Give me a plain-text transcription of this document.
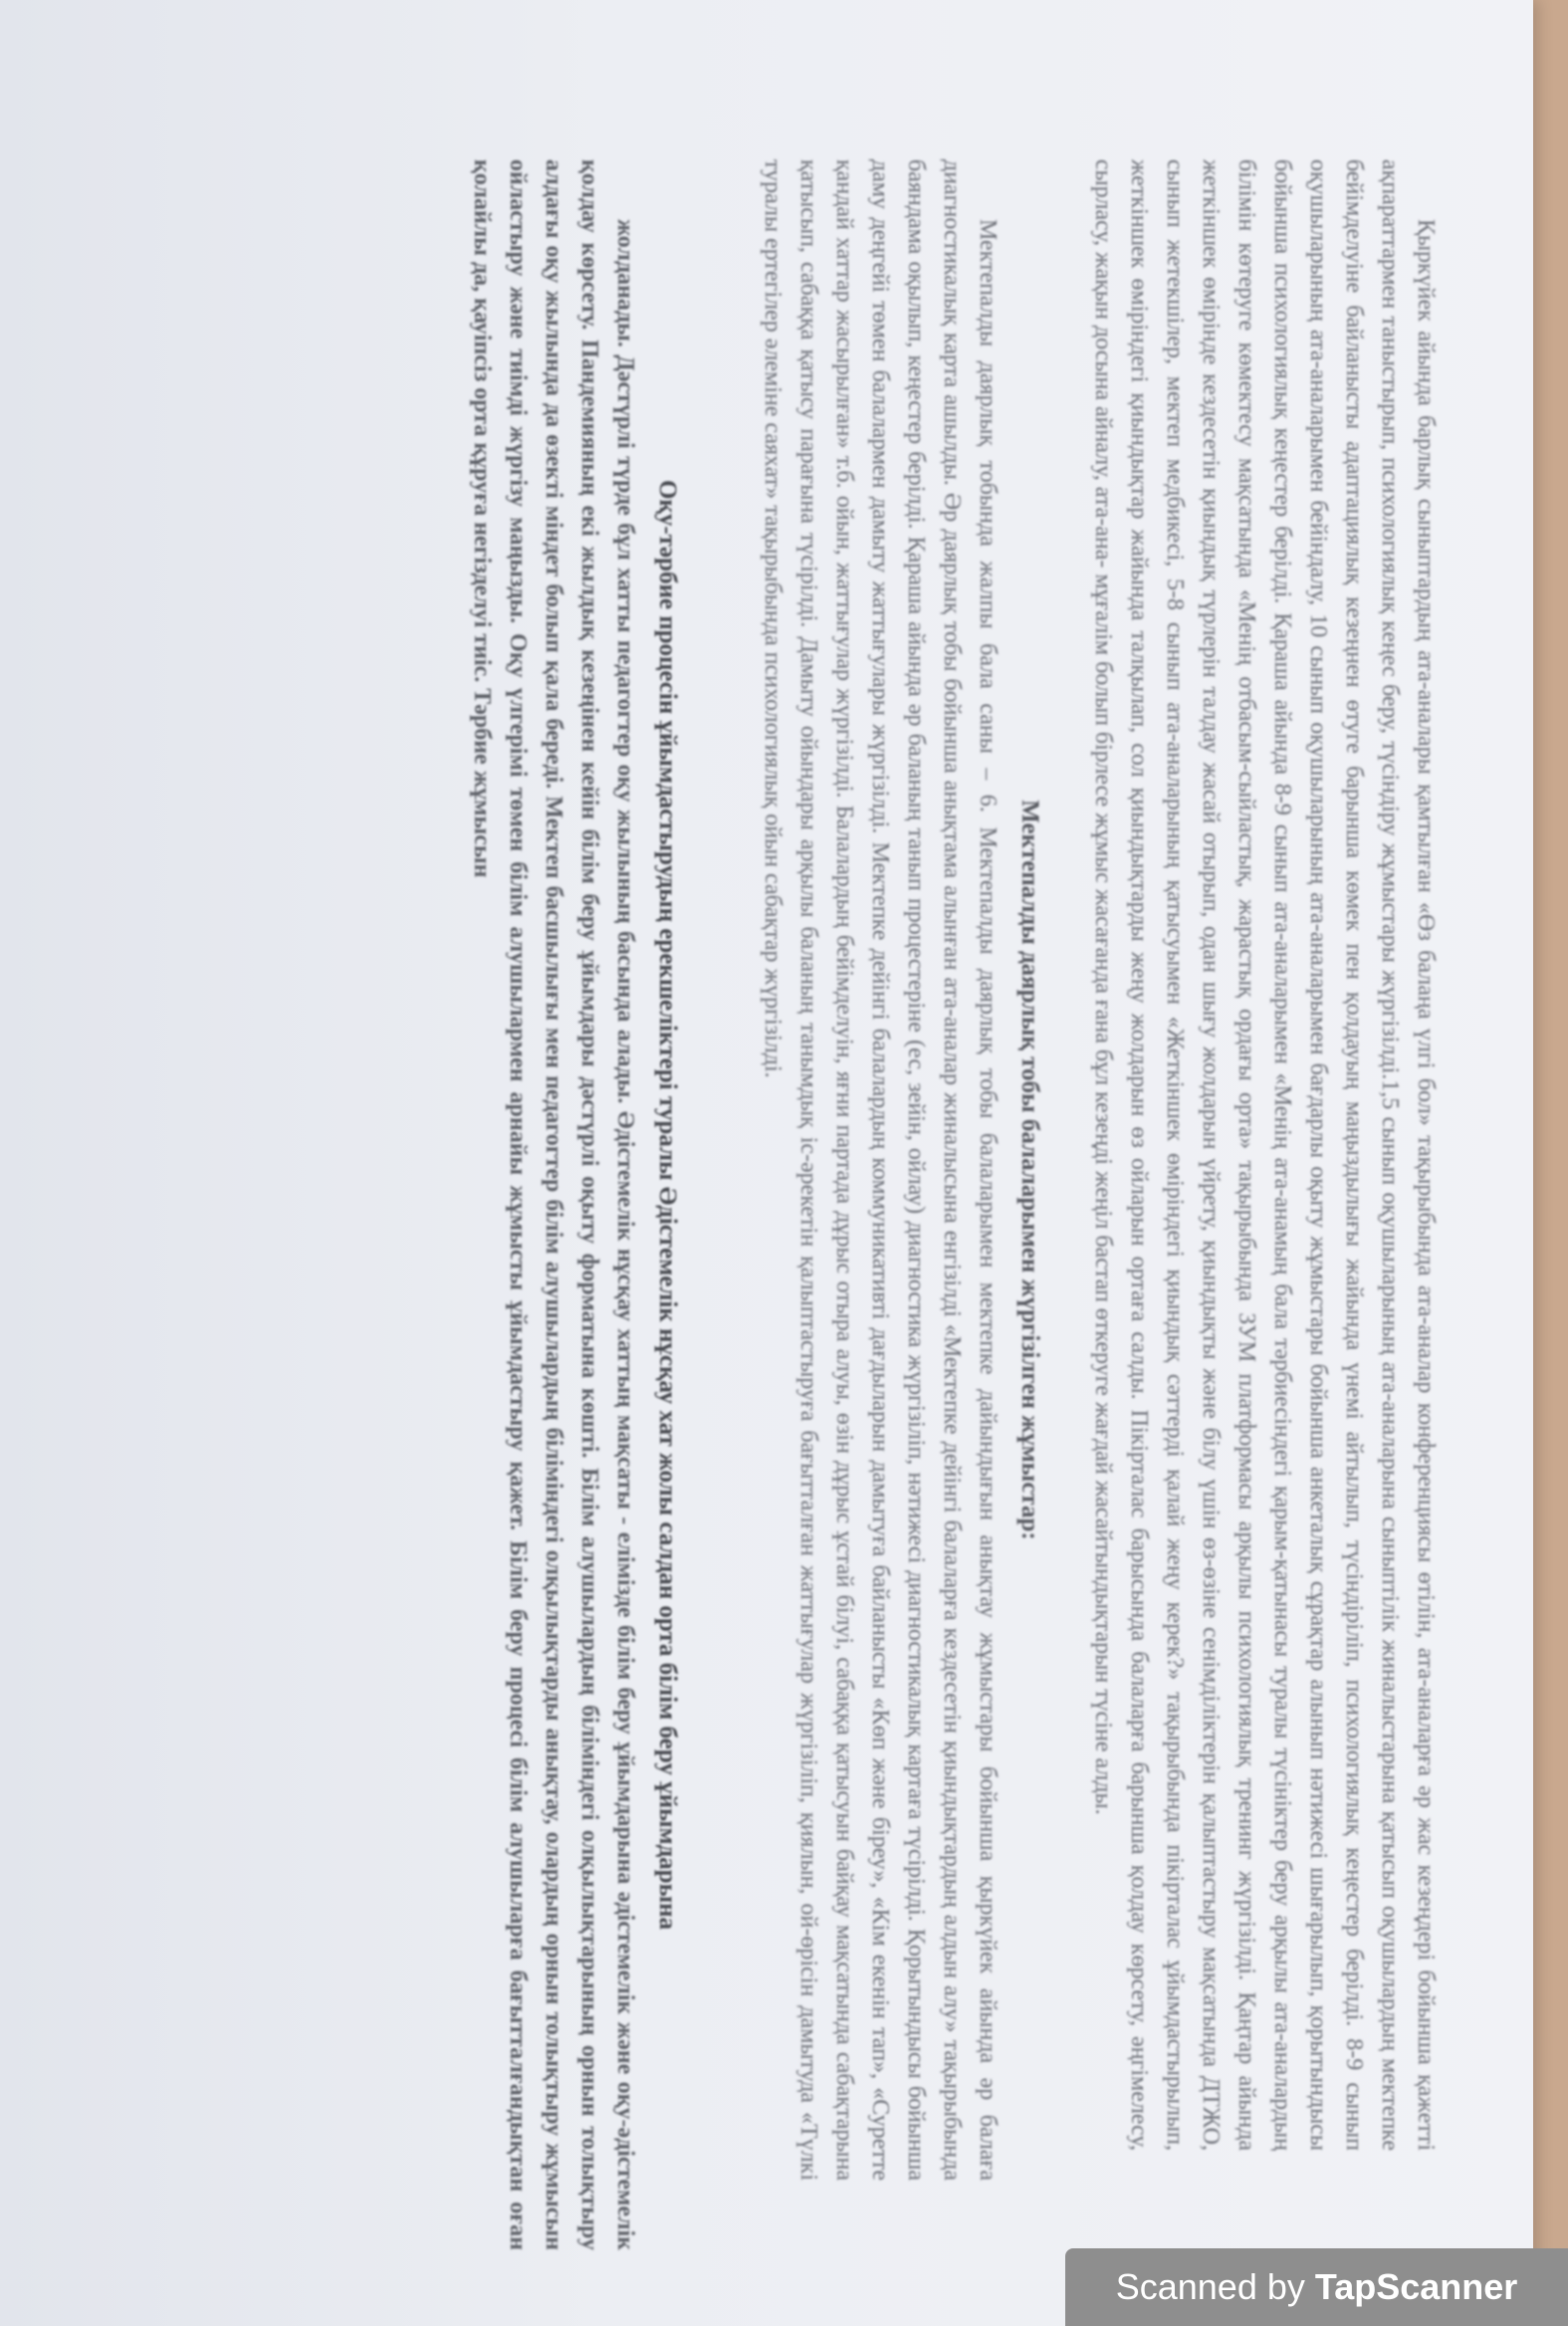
Қыркүйек айында барлық сыныптардың ата-аналары қамтылған «Өз балаңа үлгі бол» тақырыбында ата-аналар конференциясы өтілін, ата-аналарға әр жас кезеңдері бойынша қажетті ақпараттармен таныстырып, психологиялық кеңес беру, түсіндіру жұмыстары жүргізілді.1,5 сынып оқушыларының ата-аналарына сыныптілік жиналыстарына қатысып оқушылардың мектепке бейімделуіне байланысты адаптациялық кезеңнен өтуге барынша көмек пен қолдауың маңыздылығы жайында үнемі айтылып, түсіндіріліп, психологиялық кеңестер берілді. 8-9 сынып оқушыларының ата-аналарымен бейіндалу, 10 сынып оқушыларының ата-аналарымен бағдарлы оқыту жұмыстары бойынша анкеталық сұрақтар алынып нәтижесі шығарылып, қорытындысы бойынша психологиялық кеңестер берілді. Қараша айында 8-9 сынып ата-аналарымен «Менің ата-анамың бала тәрбиесіндегі қарым-қатынасы туралы түсініктер беру арқылы ата-аналардың білімін көтеруге көмектесу мақсатында «Менің отбасым-сыйластық, жарастық ордағы орта» тақырыбында ЗУМ платформасы арқылы психологиялық тренинг жүргізілді. Қаңтар айында жеткіншек өмірінде кездесетін қиындық түрлерін талдау жасай отырып, одан шығу жолдарын үйрету, қиындықты және білу үшін өз-өзіне сенімділіктерін қалыптастыру мақсатында ДТЖО, сынып жетекшілер, мектеп медбикесі, 5-8 сынып ата-аналарының қатысуымен «Жеткіншек өміріндегі қиындық сәттерді қалай жеңу керек?» тақырыбында пікірталас ұйымдастырылып, жеткіншек өміріндегі қиындықтар жайында талқылап, сол қиындықтарды жеңу жолдарын өз ойларын ортаға салды. Пікірталас барысында балаларға барынша қолдау көрсету, әңгімелесу, сырласу, жақын досына айналу, ата-ана- мұғалім болып бірлесе жұмыс жасағанда ғана бұл кезеңді жеңіл бастап өткеруге жағдай жасайтындықтарын түсіне алды.

Мектепалды даярлық тобы балаларымен жүргізілген жұмыстар:

Мектепалды даярлық тобында жалпы бала саны – 6. Мектепалды даярлық тобы балаларымен мектепке дайындығын анықтау жұмыстары бойынша қыркүйек айында әр балаға диагностикалық карта ашылды. Әр даярлық тобы бойынша анықтама алынған ата-аналар жиналысына енгізілді «Мектепке дейінгі балаларға кездесетін қиындықтардың алдын алу» тақырыбында баяндама оқылып, кеңестер берілді. Қараша айында әр баланың танып процестеріне (ес, зейін, ойлау) диагностика жүргізіліп, нәтижесі диагностикалық картаға түсірілді. Қорытындысы бойынша даму деңгейі төмен балалармен дамыту жаттығулары жүргізілді. Мектепке дейінгі балалардың коммуникативті дағдыларын дамытуға байланысты «Көп және біреу», «Кім екенін тап», «Суретте қандай хаттар жасырылған» т.б. ойын, жаттығулар жүргізілді. Балалардың бейімделуін, яғни партада дұрыс отыра алуы, өзін дұрыс ұстай білуі, сабаққа қатысуын байқау мақсатында сабақтарына қатысып, сабаққа қатысу парағына түсірілді. Дамыту ойындары арқылы баланың танымдық іс-әрекетін қалыптастыруға бағытталған жаттығулар жүргізіліп, қиялын, ой-өрісін дамытуда «Түлкі туралы ертегілер әлеміне саяхат» тақырыбында психологиялық ойын сабақтар жүргізілді.

Оқу-тәрбие процесін ұйымдастырудың ерекшеліктері туралы Әдістемелік нұсқау хат жолы салдан орта білім беру ұйымдарына

жолданады. Дәстүрлі түрде бұл хатты педагогтер оқу жылының басында алады. Әдістемелік нұсқау хаттың мақсаты - елімізде білім беру ұйымдарына әдістемелік және оқу-әдістемелік қолдау көрсету. Пандемияның екі жылдық кезеңінен кейін білім беру ұйымдары дәстүрлі оқыту форматына көшті. Білім алушылардың біліміндегі олқылықтарының орнын толықтыру алдағы оқу жылында да өзекті міндет болып қала береді. Мектеп басшылығы мен педагогтер білім алушылардың біліміндегі олқылықтарды анықтау, олардың орнын толықтыру жұмысын ойластыру және тиімді жүргізу маңызды. Оқу үлгерімі төмен білім алушылармен арнайы жұмысты ұйымдастыру қажет. Білім беру процесі білім алушыларға бағытталғандықтан оған қолайлы да, қауіпсіз орта құруға негізделуі тиіс. Тәрбие жұмысын

Scanned by TapScanner
